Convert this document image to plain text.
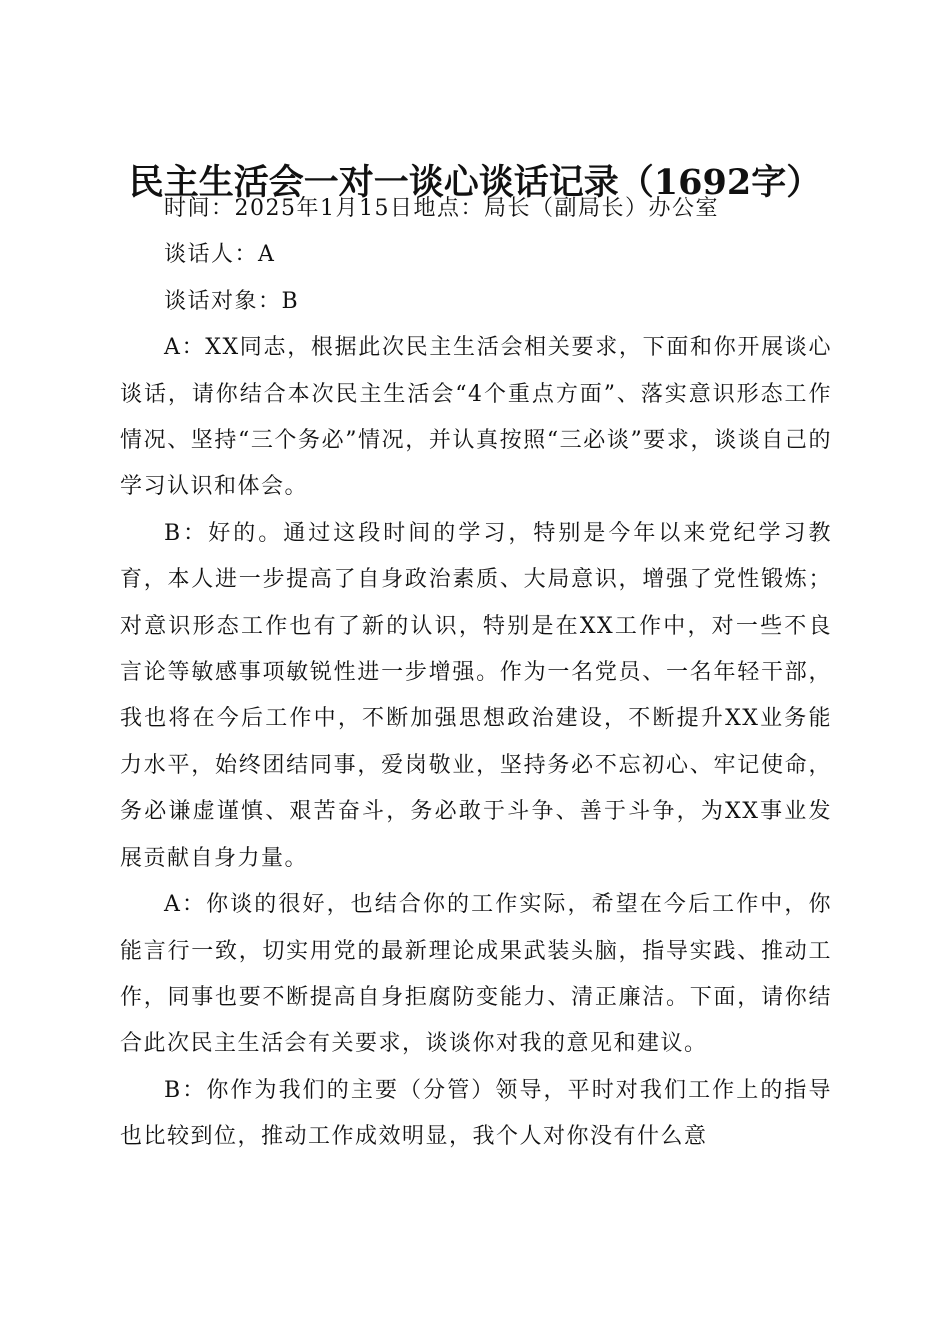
民主生活会一对一谈心谈话记录（1692字）

时间：2025年1月15日地点：局长（副局长）办公室

谈话人：A

谈话对象：B

A：XX同志，根据此次民主生活会相关要求，下面和你开展谈心谈话，请你结合本次民主生活会“4个重点方面”、落实意识形态工作情况、坚持“三个务必”情况，并认真按照“三必谈”要求，谈谈自己的学习认识和体会。

B：好的。通过这段时间的学习，特别是今年以来党纪学习教育，本人进一步提高了自身政治素质、大局意识，增强了党性锻炼；对意识形态工作也有了新的认识，特别是在XX工作中，对一些不良言论等敏感事项敏锐性进一步增强。作为一名党员、一名年轻干部，我也将在今后工作中，不断加强思想政治建设，不断提升XX业务能力水平，始终团结同事，爱岗敬业，坚持务必不忘初心、牢记使命，务必谦虚谨慎、艰苦奋斗，务必敢于斗争、善于斗争，为XX事业发展贡献自身力量。

A：你谈的很好，也结合你的工作实际，希望在今后工作中，你能言行一致，切实用党的最新理论成果武装头脑，指导实践、推动工作，同事也要不断提高自身拒腐防变能力、清正廉洁。下面，请你结合此次民主生活会有关要求，谈谈你对我的意见和建议。

B：你作为我们的主要（分管）领导，平时对我们工作上的指导也比较到位，推动工作成效明显，我个人对你没有什么意
